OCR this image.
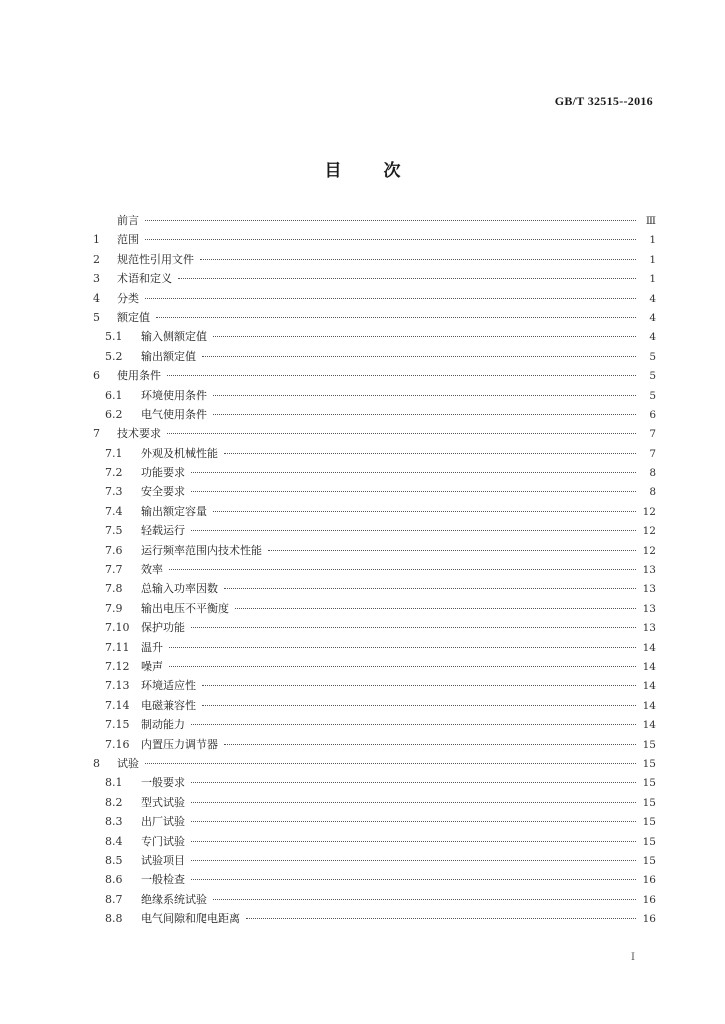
GB/T 32515--2016
目 次
前言	Ⅲ
1	范围	1
2	规范性引用文件	1
3	术语和定义	1
4	分类	4
5	额定值	4
5.1	输入侧额定值	4
5.2	输出额定值	5
6	使用条件	5
6.1	环境使用条件	5
6.2	电气使用条件	6
7	技术要求	7
7.1	外观及机械性能	7
7.2	功能要求	8
7.3	安全要求	8
7.4	输出额定容量	12
7.5	轻载运行	12
7.6	运行频率范围内技术性能	12
7.7	效率	13
7.8	总输入功率因数	13
7.9	输出电压不平衡度	13
7.10	保护功能	13
7.11	温升	14
7.12	噪声	14
7.13	环境适应性	14
7.14	电磁兼容性	14
7.15	制动能力	14
7.16	内置压力调节器	15
8	试验	15
8.1	一般要求	15
8.2	型式试验	15
8.3	出厂试验	15
8.4	专门试验	15
8.5	试验项目	15
8.6	一般检查	16
8.7	绝缘系统试验	16
8.8	电气间隙和爬电距离	16
I
